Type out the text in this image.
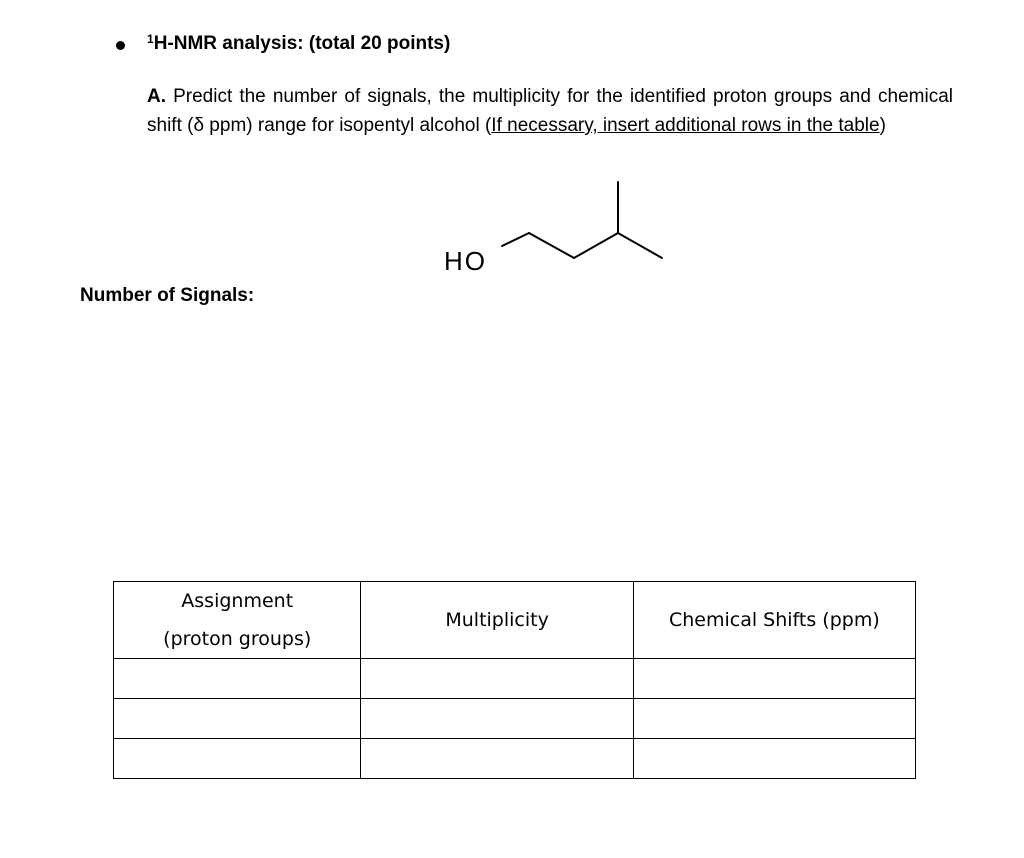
$^1$H-NMR analysis: (total 20 points)
A. Predict the number of signals, the multiplicity for the identified proton groups and chemical shift (δ ppm) range for isopentyl alcohol (If necessary, insert additional rows in the table)
HO
Number of Signals:
Assignment
(proton groups)	Multiplicity	Chemical Shifts (ppm)
